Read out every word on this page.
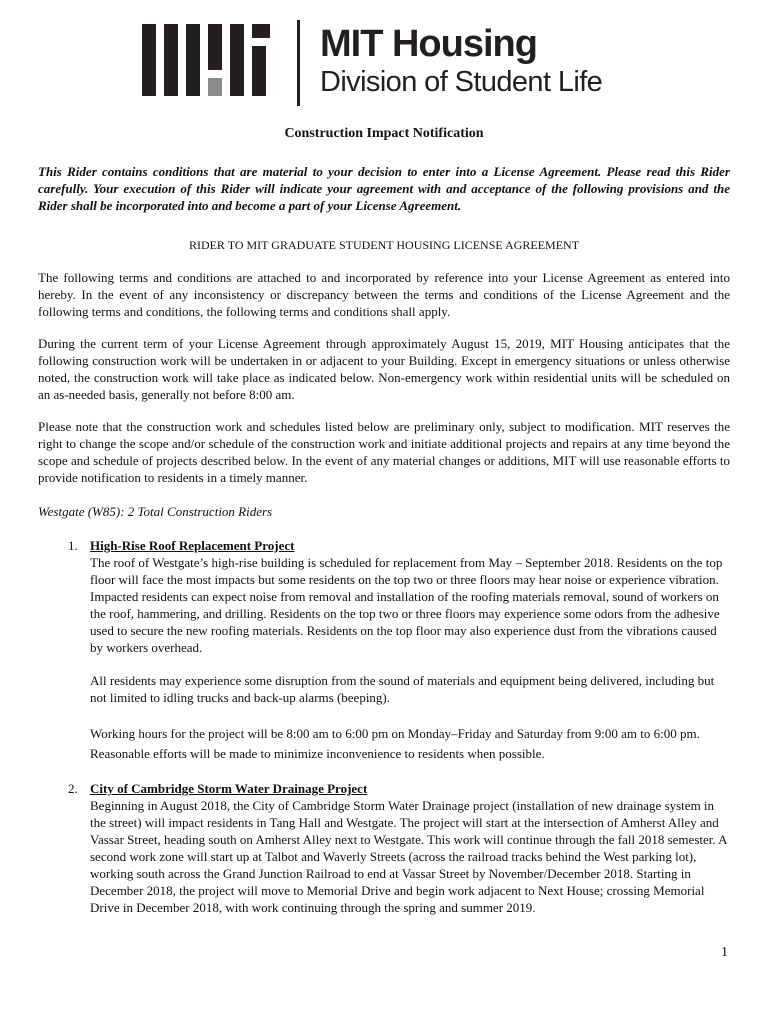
MIT Housing
Division of Student Life

Construction Impact Notification

This Rider contains conditions that are material to your decision to enter into a License Agreement. Please read this Rider carefully. Your execution of this Rider will indicate your agreement with and acceptance of the following provisions and the Rider shall be incorporated into and become a part of your License Agreement.

RIDER TO MIT GRADUATE STUDENT HOUSING LICENSE AGREEMENT

The following terms and conditions are attached to and incorporated by reference into your License Agreement as entered into hereby. In the event of any inconsistency or discrepancy between the terms and conditions of the License Agreement and the following terms and conditions, the following terms and conditions shall apply.

During the current term of your License Agreement through approximately August 15, 2019, MIT Housing anticipates that the following construction work will be undertaken in or adjacent to your Building. Except in emergency situations or unless otherwise noted, the construction work will take place as indicated below. Non-emergency work within residential units will be scheduled on an as-needed basis, generally not before 8:00 am.

Please note that the construction work and schedules listed below are preliminary only, subject to modification. MIT reserves the right to change the scope and/or schedule of the construction work and initiate additional projects and repairs at any time beyond the scope and schedule of projects described below. In the event of any material changes or additions, MIT will use reasonable efforts to provide notification to residents in a timely manner.

Westgate (W85): 2 Total Construction Riders

1. High-Rise Roof Replacement Project

The roof of Westgate’s high-rise building is scheduled for replacement from May – September 2018. Residents on the top floor will face the most impacts but some residents on the top two or three floors may hear noise or experience vibration. Impacted residents can expect noise from removal and installation of the roofing materials removal, sound of workers on the roof, hammering, and drilling. Residents on the top two or three floors may experience some odors from the adhesive used to secure the new roofing materials. Residents on the top floor may also experience dust from the vibrations caused by workers overhead.

All residents may experience some disruption from the sound of materials and equipment being delivered, including but not limited to idling trucks and back-up alarms (beeping).

Working hours for the project will be 8:00 am to 6:00 pm on Monday–Friday and Saturday from 9:00 am to 6:00 pm. Reasonable efforts will be made to minimize inconvenience to residents when possible.

2. City of Cambridge Storm Water Drainage Project

Beginning in August 2018, the City of Cambridge Storm Water Drainage project (installation of new drainage system in the street) will impact residents in Tang Hall and Westgate. The project will start at the intersection of Amherst Alley and Vassar Street, heading south on Amherst Alley next to Westgate. This work will continue through the fall 2018 semester. A second work zone will start up at Talbot and Waverly Streets (across the railroad tracks behind the West parking lot), working south across the Grand Junction Railroad to end at Vassar Street by November/December 2018. Starting in December 2018, the project will move to Memorial Drive and begin work adjacent to Next House; crossing Memorial Drive in December 2018, with work continuing through the spring and summer 2019.

1
